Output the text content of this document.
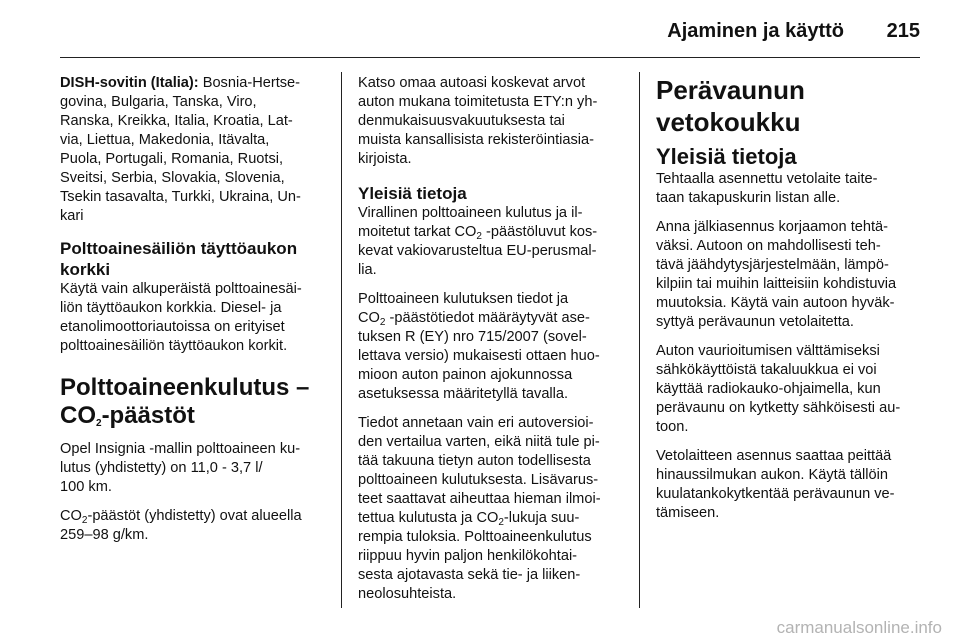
Ajaminen ja käyttö 215

DISH-sovitin (Italia): Bosnia-Hertse-
govina, Bulgaria, Tanska, Viro,
Ranska, Kreikka, Italia, Kroatia, Lat-
via, Liettua, Makedonia, Itävalta,
Puola, Portugali, Romania, Ruotsi,
Sveitsi, Serbia, Slovakia, Slovenia,
Tsekin tasavalta, Turkki, Ukraina, Un-
kari

Polttoainesäiliön täyttöaukon
korkki

Käytä vain alkuperäistä polttoainesäi-
liön täyttöaukon korkkia. Diesel- ja
etanolimoottoriautoissa on erityiset
polttoainesäiliön täyttöaukon korkit.

Polttoaineenkulutus –
$CO_2$-päästöt

Opel Insignia -mallin polttoaineen ku-
lutus (yhdistetty) on 11,0 - 3,7 l/
100 km.

$CO_2$-päästöt (yhdistetty) ovat alueella
259–98 g/km.

Katso omaa autoasi koskevat arvot
auton mukana toimitetusta ETY:n yh-
denmukaisuusvakuutuksesta tai
muista kansallisista rekisteröintiasia-
kirjoista.

Yleisiä tietoja

Virallinen polttoaineen kulutus ja il-
moitetut tarkat $CO_2$ -päästöluvut kos-
kevat vakiovarusteltua EU-perusmal-
lia.

Polttoaineen kulutuksen tiedot ja
$CO_2$ -päästötiedot määräytyvät ase-
tuksen R (EY) nro 715/2007 (sovel-
lettava versio) mukaisesti ottaen huo-
mioon auton painon ajokunnossa
asetuksessa määritetyllä tavalla.

Tiedot annetaan vain eri autoversioi-
den vertailua varten, eikä niitä tule pi-
tää takuuna tietyn auton todellisesta
polttoaineen kulutuksesta. Lisävarus-
teet saattavat aiheuttaa hieman ilmoi-
tettua kulutusta ja $CO_2$-lukuja suu-
rempia tuloksia. Polttoaineenkulutus
riippuu hyvin paljon henkilökohtai-
sesta ajotavasta sekä tie- ja liiken-
neolosuhteista.

Perävaunun
vetokoukku
Yleisiä tietoja

Tehtaalla asennettu vetolaite taite-
taan takapuskurin listan alle.

Anna jälkiasennus korjaamon tehtä-
väksi. Autoon on mahdollisesti teh-
tävä jäähdytysjärjestelmään, lämpö-
kilpiin tai muihin laitteisiin kohdistuvia
muutoksia. Käytä vain autoon hyväk-
syttyä perävaunun vetolaitetta.

Auton vaurioitumisen välttämiseksi
sähkökäyttöistä takaluukkua ei voi
käyttää radiokauko-ohjaimella, kun
perävaunu on kytketty sähköisesti au-
toon.

Vetolaitteen asennus saattaa peittää
hinaussilmukan aukon. Käytä tällöin
kuulatankokytkentää perävaunun ve-
tämiseen.

carmanualsonline.info
